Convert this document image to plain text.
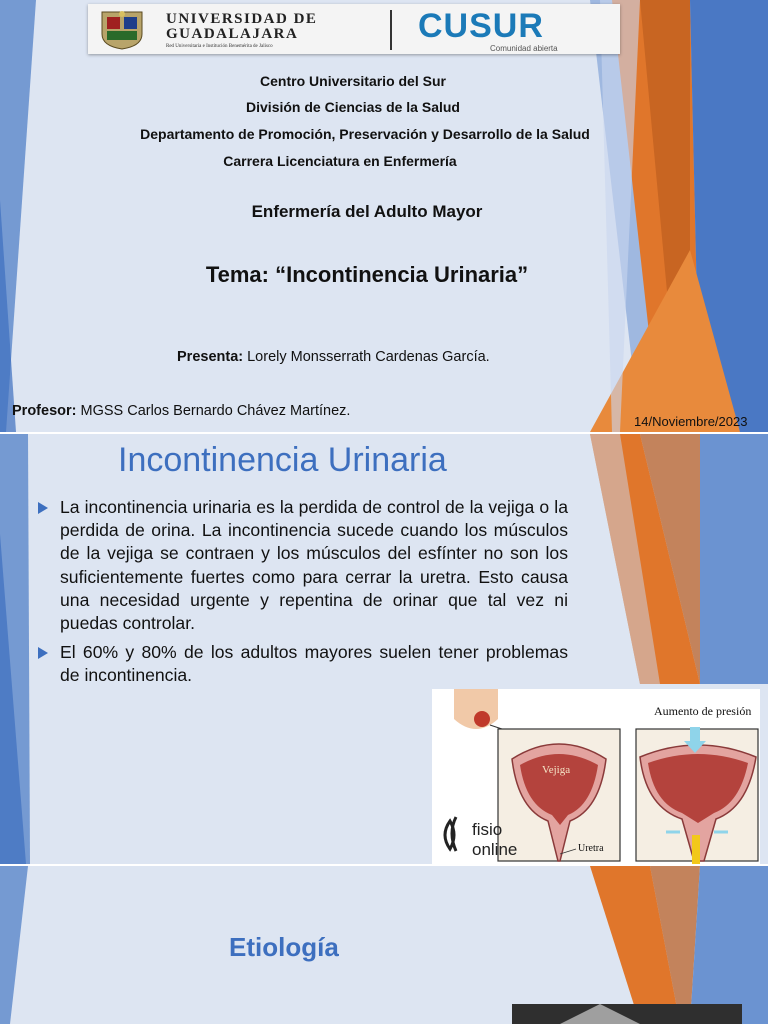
UNIVERSIDAD DE
GUADALAJARA
Red Universitaria e Institución Benemérita de Jalisco
CUSUR
Comunidad abierta
Centro Universitario del Sur
División de Ciencias de la Salud
Departamento de Promoción, Preservación y Desarrollo de la Salud
Carrera Licenciatura en Enfermería
Enfermería del Adulto Mayor
Tema: “Incontinencia Urinaria”
Presenta: Lorely Monsserrath Cardenas García.
Profesor: MGSS Carlos Bernardo Chávez Martínez.
14/Noviembre/2023
Incontinencia Urinaria
La incontinencia urinaria es la perdida de control de la vejiga o la perdida de orina. La incontinencia sucede cuando los músculos de la vejiga se contraen y los músculos del esfínter no son los suficientemente fuertes como para cerrar la uretra. Esto causa una necesidad urgente y repentina de orinar que tal vez ni puedas controlar.
El 60% y 80% de los adultos mayores suelen tener problemas de incontinencia.
Aumento de presión
Vejiga
Uretra
fisio
online
Etiología
